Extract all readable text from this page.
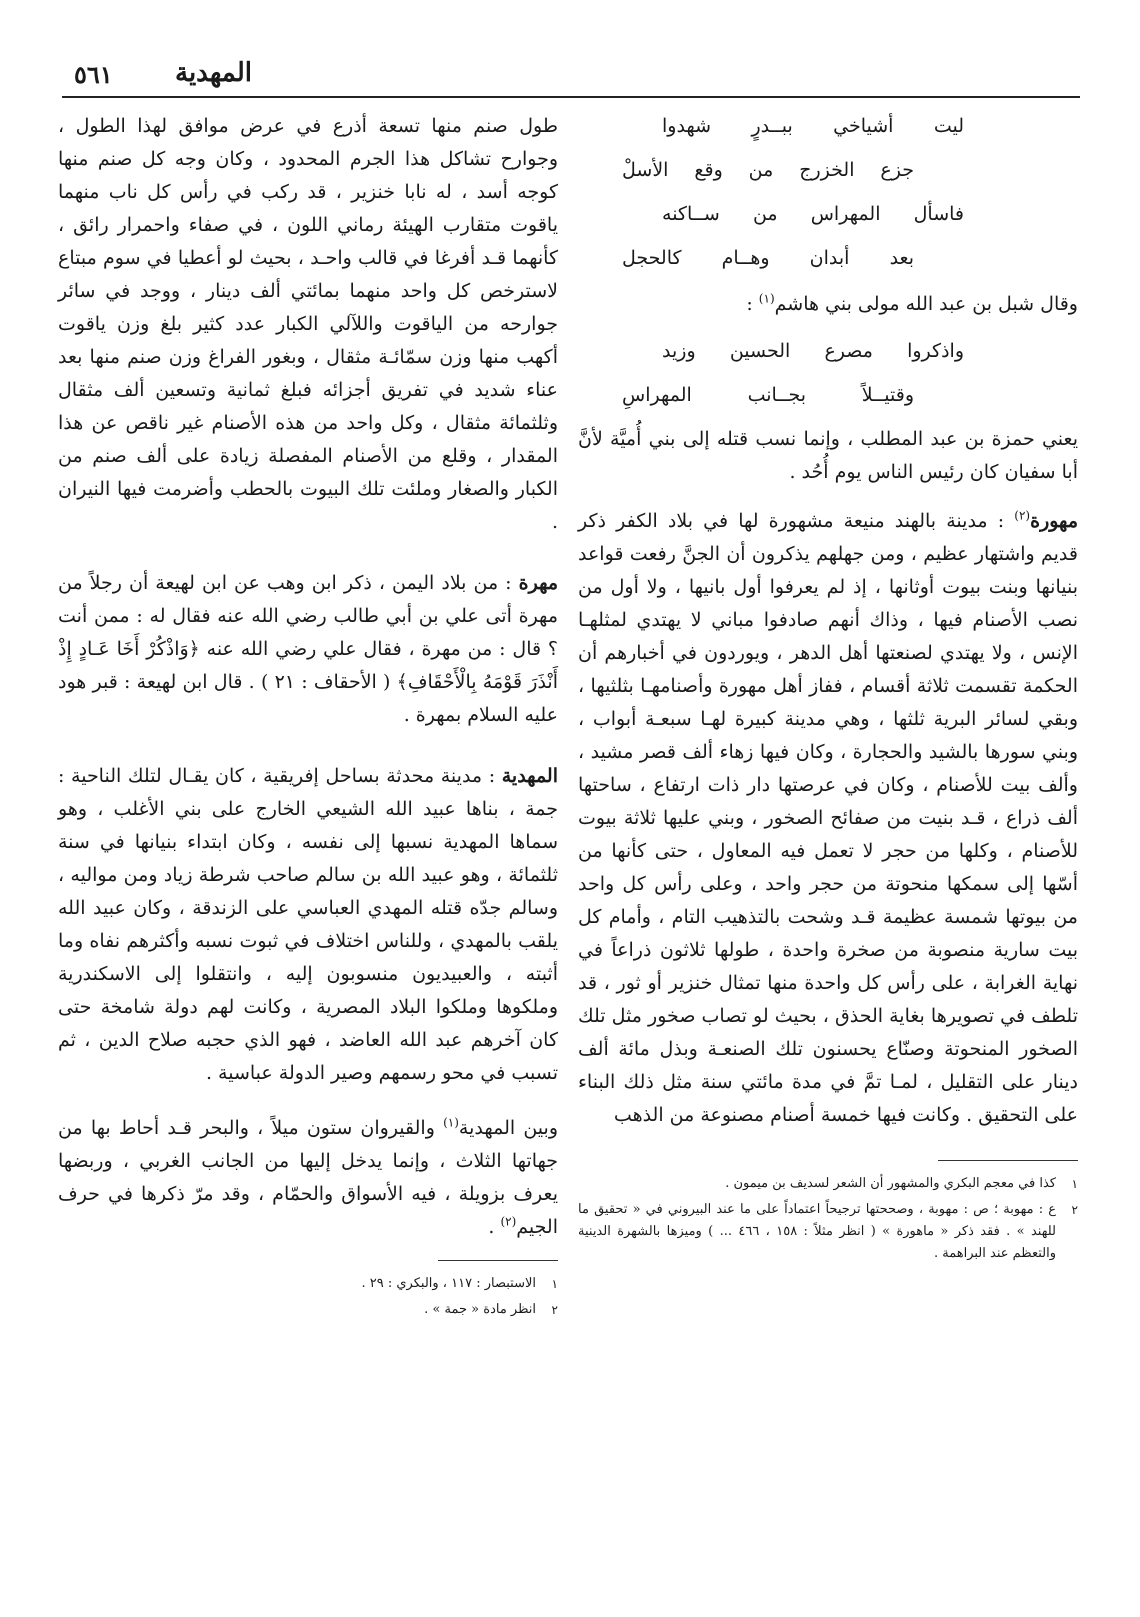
٥٦١ المهدية
ليت
أشياخي
ببــدرٍ
شهدوا
جزع
الخزرج
من
وقع
الأسلْ
فاسأل
المهراس
من
ســاكنه
بعد
أبدان
وهــام
كالحجل

وقال شبل بن عبد الله مولى بني هاشم$^{(١)}$ :

واذكروا
مصرع
الحسين
وزيد
وقتيــلاً
بجــانب
المهراسِ

يعني حمزة بن عبد المطلب ، وإنما نسب قتله إلى بني أُميَّة لأنَّ أبا سفيان كان رئيس الناس يوم أُحُد .

مهورة$^{(٢)}$ : مدينة بالهند منيعة مشهورة لها في بلاد الكفر ذكر قديم واشتهار عظيم ، ومن جهلهم يذكرون أن الجنَّ رفعت قواعد بنيانها وبنت بيوت أوثانها ، إذ لم يعرفوا أول بانيها ، ولا أول من نصب الأصنام فيها ، وذاك أنهم صادفوا مباني لا يهتدي لمثلهـا الإنس ، ولا يهتدي لصنعتها أهل الدهر ، ويوردون في أخبارهم أن الحكمة تقسمت ثلاثة أقسام ، ففاز أهل مهورة وأصنامهـا بثلثيها ، وبقي لسائر البرية ثلثها ، وهي مدينة كبيرة لهـا سبعـة أبواب ، وبني سورها بالشيد والحجارة ، وكان فيها زهاء ألف قصر مشيد ، وألف بيت للأصنام ، وكان في عرصتها دار ذات ارتفاع ، ساحتها ألف ذراع ، قـد بنيت من صفائح الصخور ، وبني عليها ثلاثة بيوت للأصنام ، وكلها من حجر لا تعمل فيه المعاول ، حتى كأنها من أسّها إلى سمكها منحوتة من حجر واحد ، وعلى رأس كل واحد من بيوتها شمسة عظيمة قـد وشحت بالتذهيب التام ، وأمام كل بيت سارية منصوبة من صخرة واحدة ، طولها ثلاثون ذراعاً في نهاية الغرابة ، على رأس كل واحدة منها تمثال خنزير أو ثور ، قد تلطف في تصويرها بغاية الحذق ، بحيث لو تصاب صخور مثل تلك الصخور المنحوتة وصنّاع يحسنون تلك الصنعـة وبذل مائة ألف دينار على التقليل ، لمـا تمَّ في مدة مائتي سنة مثل ذلك البناء على التحقيق . وكانت فيها خمسة أصنام مصنوعة من الذهب

١
كذا في معجم البكري والمشهور أن الشعر لسديف بن ميمون .
٢
ع : مهوبة ؛ ص : مهوبة ، وصححتها ترجيحاً اعتماداً على ما عند البيروني في « تحقيق ما للهند » . فقد ذكر « ماهورة » ( انظر مثلاً : ١٥٨ ، ٤٦٦ ... ) وميزها بالشهرة الدينية والتعظم عند البراهمة .

طول صنم منها تسعة أذرع في عرض موافق لهذا الطول ، وجوارح تشاكل هذا الجرم المحدود ، وكان وجه كل صنم منها كوجه أسد ، له نابا خنزير ، قد ركب في رأس كل ناب منهما ياقوت متقارب الهيئة رماني اللون ، في صفاء واحمرار رائق ، كأنهما قـد أفرغا في قالب واحـد ، بحيث لو أعطيا في سوم مبتاع لاسترخص كل واحد منهما بمائتي ألف دينار ، ووجد في سائر جوارحه من الياقوت واللآلي الكبار عدد كثير بلغ وزن ياقوت أكهب منها وزن سمّائـة مثقال ، وبغور الفراغ وزن صنم منها بعد عناء شديد في تفريق أجزائه فبلغ ثمانية وتسعين ألف مثقال وثلثمائة مثقال ، وكل واحد من هذه الأصنام غير ناقص عن هذا المقدار ، وقلع من الأصنام المفصلة زيادة على ألف صنم من الكبار والصغار وملئت تلك البيوت بالحطب وأضرمت فيها النيران .

مهرة : من بلاد اليمن ، ذكر ابن وهب عن ابن لهيعة أن رجلاً من مهرة أتى علي بن أبي طالب رضي الله عنه فقال له : ممن أنت ؟ قال : من مهرة ، فقال علي رضي الله عنه ﴿وَاذْكُرْ أَخَا عَـادٍ إِذْ أَنْذَرَ قَوْمَهُ بِالْأَحْقَافِ﴾ ( الأحقاف : ٢١ ) . قال ابن لهيعة : قبر هود عليه السلام بمهرة .

المهدية : مدينة محدثة بساحل إفريقية ، كان يقـال لتلك الناحية : جمة ، بناها عبيد الله الشيعي الخارج على بني الأغلب ، وهو سماها المهدية نسبها إلى نفسه ، وكان ابتداء بنيانها في سنة ثلثمائة ، وهو عبيد الله بن سالم صاحب شرطة زياد ومن مواليه ، وسالم جدّه قتله المهدي العباسي على الزندقة ، وكان عبيد الله يلقب بالمهدي ، وللناس اختلاف في ثبوت نسبه وأكثرهم نفاه وما أثبته ، والعبيديون منسوبون إليه ، وانتقلوا إلى الاسكندرية وملكوها وملكوا البلاد المصرية ، وكانت لهم دولة شامخة حتى كان آخرهم عبد الله العاضد ، فهو الذي حجبه صلاح الدين ، ثم تسبب في محو رسمهم وصير الدولة عباسية .

وبين المهدية$^{(١)}$ والقيروان ستون ميلاً ، والبحر قـد أحاط بها من جهاتها الثلاث ، وإنما يدخل إليها من الجانب الغربي ، وربضها يعرف بزويلة ، فيه الأسواق والحمّام ، وقد مرّ ذكرها في حرف الجيم$^{(٢)}$ .

١
الاستبصار : ١١٧ ، والبكري : ٢٩ .
٢
انظر مادة « جمة » .
